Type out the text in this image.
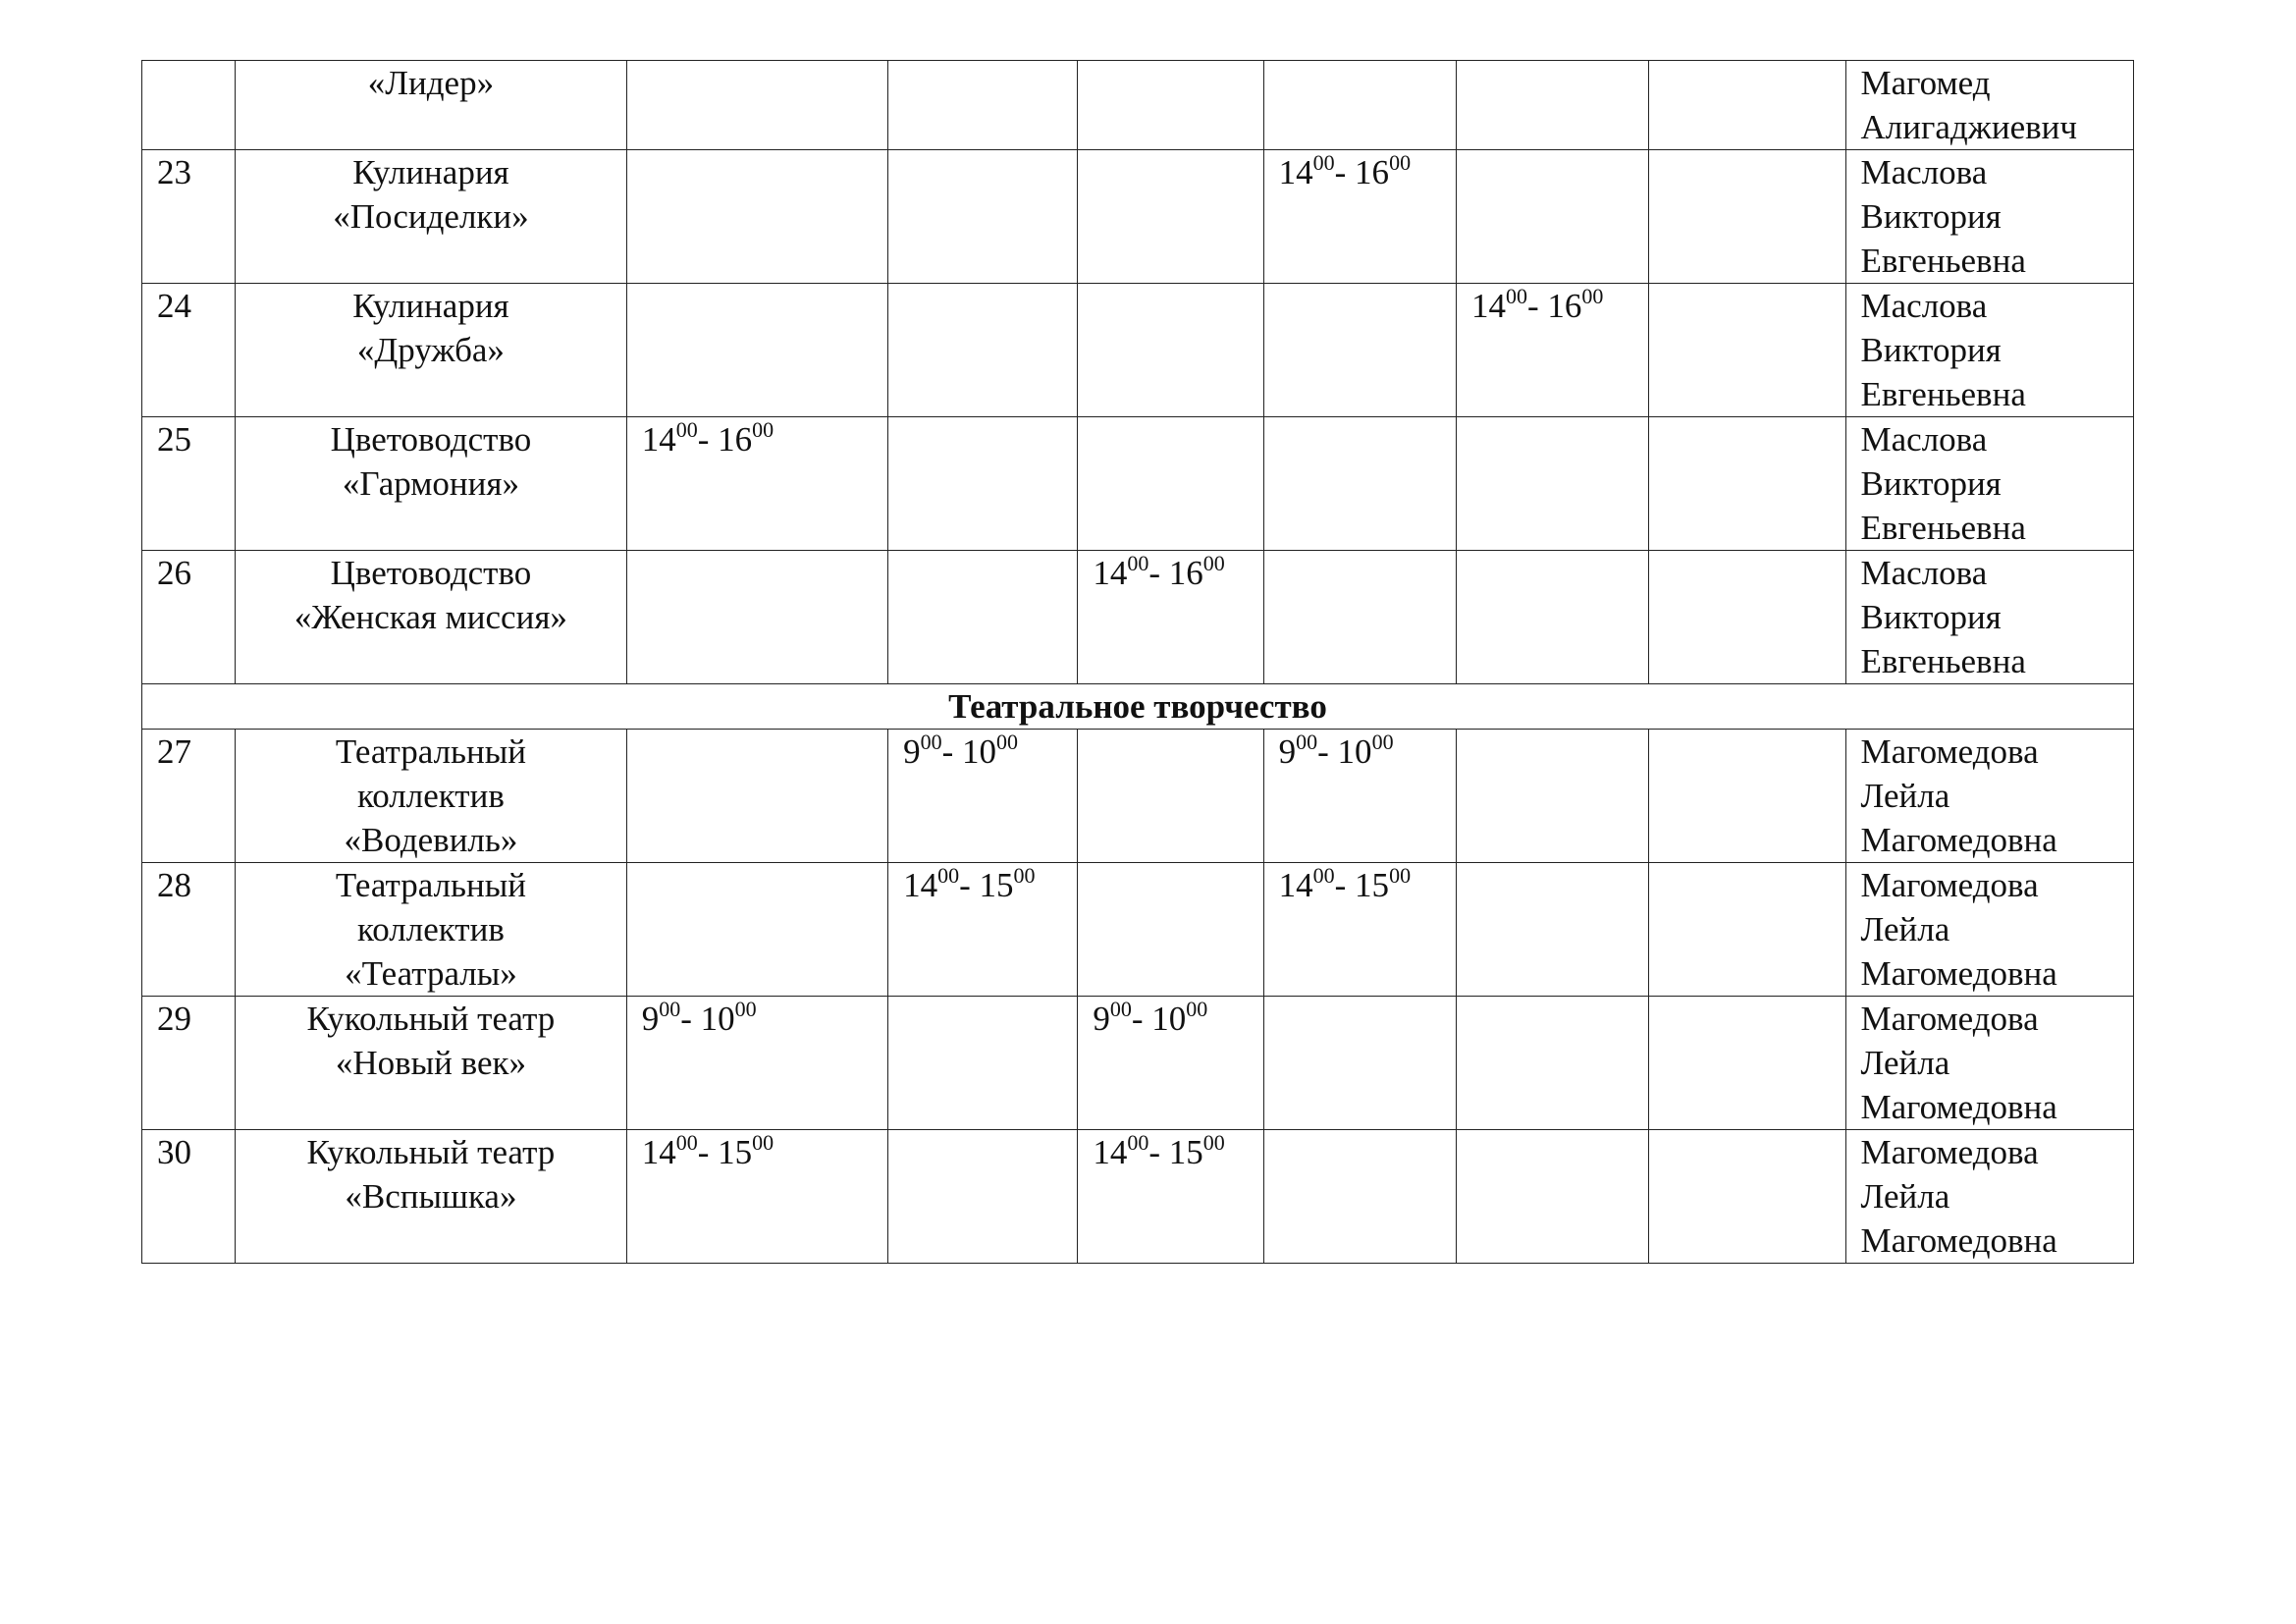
	«Лидер»							Магомед
Алигаджиевич

23	Кулинария
«Посиделки»				$14^{00}-$ $16^{00}$			Маслова
Виктория
Евгеньевна

24	Кулинария
«Дружба»					$14^{00}-$ $16^{00}$		Маслова
Виктория
Евгеньевна

25	Цветоводство
«Гармония»	$14^{00}-$ $16^{00}$						Маслова
Виктория
Евгеньевна

26	Цветоводство
«Женская миссия»			$14^{00}-$ $16^{00}$				Маслова
Виктория
Евгеньевна

Театральное творчество								
27	Театральный
коллектив
«Водевиль»		$9^{00}-$ $10^{00}$		$9^{00}-$ $10^{00}$			Магомедова
Лейла
Магомедовна

28	Театральный
коллектив
«Театралы»		$14^{00}-$ $15^{00}$		$14^{00}-$ $15^{00}$			Магомедова
Лейла
Магомедовна

29	Кукольный театр
«Новый век»	$9^{00}-$ $10^{00}$		$9^{00}-$ $10^{00}$				Магомедова
Лейла
Магомедовна

30	Кукольный театр
«Вспышка»	$14^{00}-$ $15^{00}$		$14^{00}-$ $15^{00}$				Магомедова
Лейла
Магомедовна
